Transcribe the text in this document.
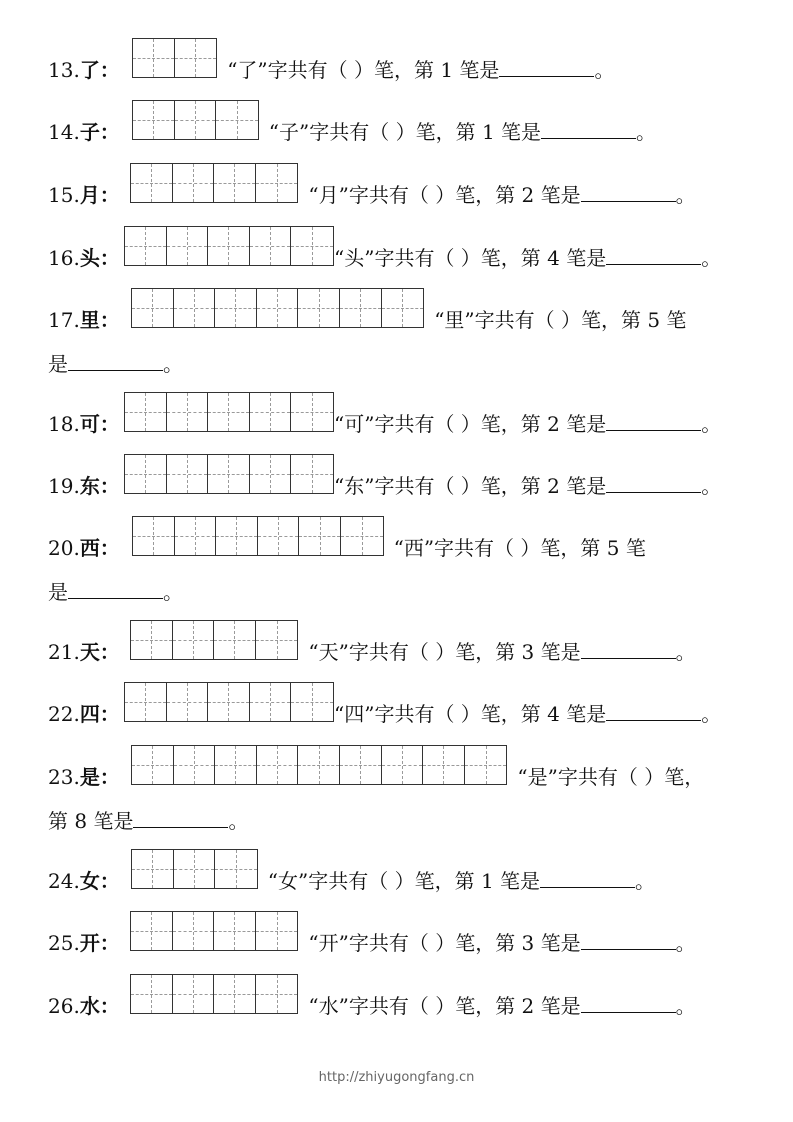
13.了：	“了”字共有（ ）笔，第 1 笔是	。
14.子：	“子”字共有（ ）笔，第 1 笔是	。
15.月：	“月”字共有（ ）笔，第 2 笔是	。
16.头：	“头”字共有（ ）笔，第 4 笔是	。
17.里：	“里”字共有（ ）笔，第 5 笔
是	。
18.可：	“可”字共有（ ）笔，第 2 笔是	。
19.东：	“东”字共有（ ）笔，第 2 笔是	。
20.西：	“西”字共有（ ）笔，第 5 笔
是	。
21.天：	“天”字共有（ ）笔，第 3 笔是	。
22.四：	“四”字共有（ ）笔，第 4 笔是	。
23.是：	“是”字共有（ ）笔，
第 8 笔是	。
24.女：	“女”字共有（ ）笔，第 1 笔是	。
25.开：	“开”字共有（ ）笔，第 3 笔是	。
26.水：	“水”字共有（ ）笔，第 2 笔是	。
http://zhiyugongfang.cn
